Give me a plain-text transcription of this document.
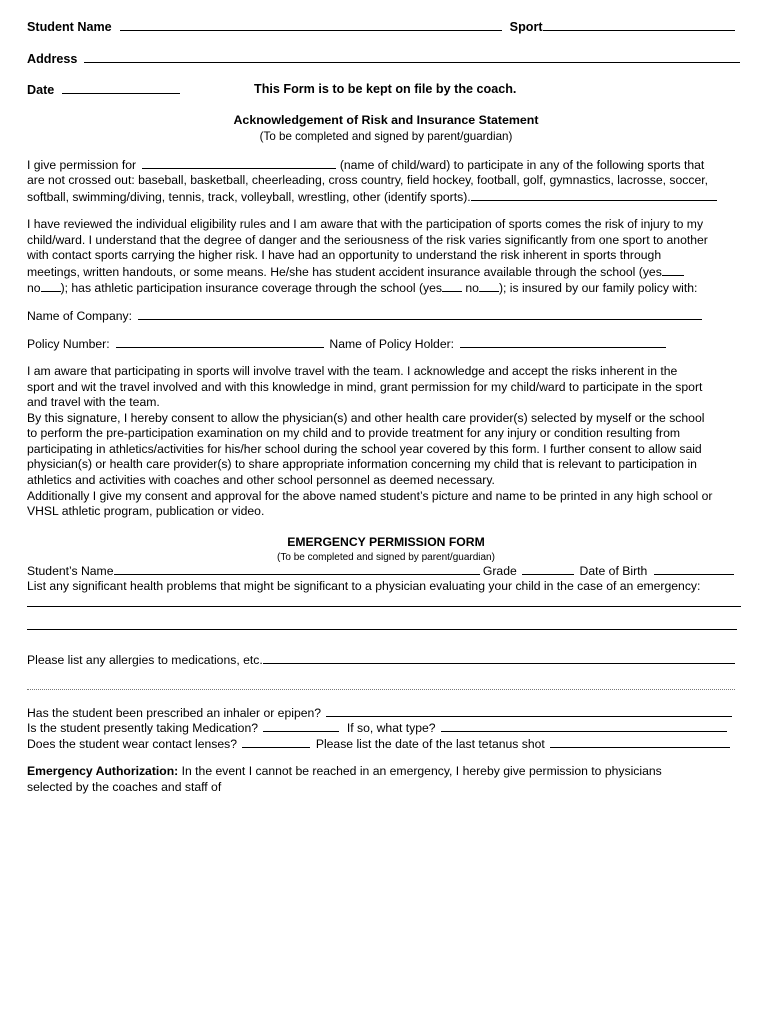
Student Name	Sport
Address
Date	This Form is to be kept on file by the coach.
Acknowledgement of Risk and Insurance Statement
(To be completed and signed by parent/guardian)
I give permission for	(name of child/ward) to participate in any of the following sports that
are not crossed out: baseball, basketball, cheerleading, cross country, field hockey, football, golf, gymnastics, lacrosse, soccer,
softball, swimming/diving, tennis, track, volleyball, wrestling, other (identify sports).
I have reviewed the individual eligibility rules and I am aware that with the participation of sports comes the risk of injury to my
child/ward. I understand that the degree of danger and the seriousness of the risk varies significantly from one sport to another
with contact sports carrying the higher risk. I have had an opportunity to understand the risk inherent in sports through
meetings, written handouts, or some means. He/she has student accident insurance available through the school (yes
no ); has athletic participation insurance coverage through the school (yes no ); is insured by our family policy with:
Name of Company:
Policy Number:	Name of Policy Holder:
I am aware that participating in sports will involve travel with the team. I acknowledge and accept the risks inherent in the
sport and wit the travel involved and with this knowledge in mind, grant permission for my child/ward to participate in the sport
and travel with the team.
By this signature, I hereby consent to allow the physician(s) and other health care provider(s) selected by myself or the school
to perform the pre-participation examination on my child and to provide treatment for any injury or condition resulting from
participating in athletics/activities for his/her school during the school year covered by this form. I further consent to allow said
physician(s) or health care provider(s) to share appropriate information concerning my child that is relevant to participation in
athletics and activities with coaches and other school personnel as deemed necessary.
Additionally I give my consent and approval for the above named student’s picture and name to be printed in any high school or
VHSL athletic program, publication or video.
EMERGENCY PERMISSION FORM
(To be completed and signed by parent/guardian)
Student’s Name	Grade	Date of Birth
List any significant health problems that might be significant to a physician evaluating your child in the case of an emergency:
Please list any allergies to medications, etc.
Has the student been prescribed an inhaler or epipen?
Is the student presently taking Medication?	If so, what type?
Does the student wear contact lenses?	Please list the date of the last tetanus shot
Emergency Authorization: In the event I cannot be reached in an emergency, I hereby give permission to physicians
selected by the coaches and staff of
